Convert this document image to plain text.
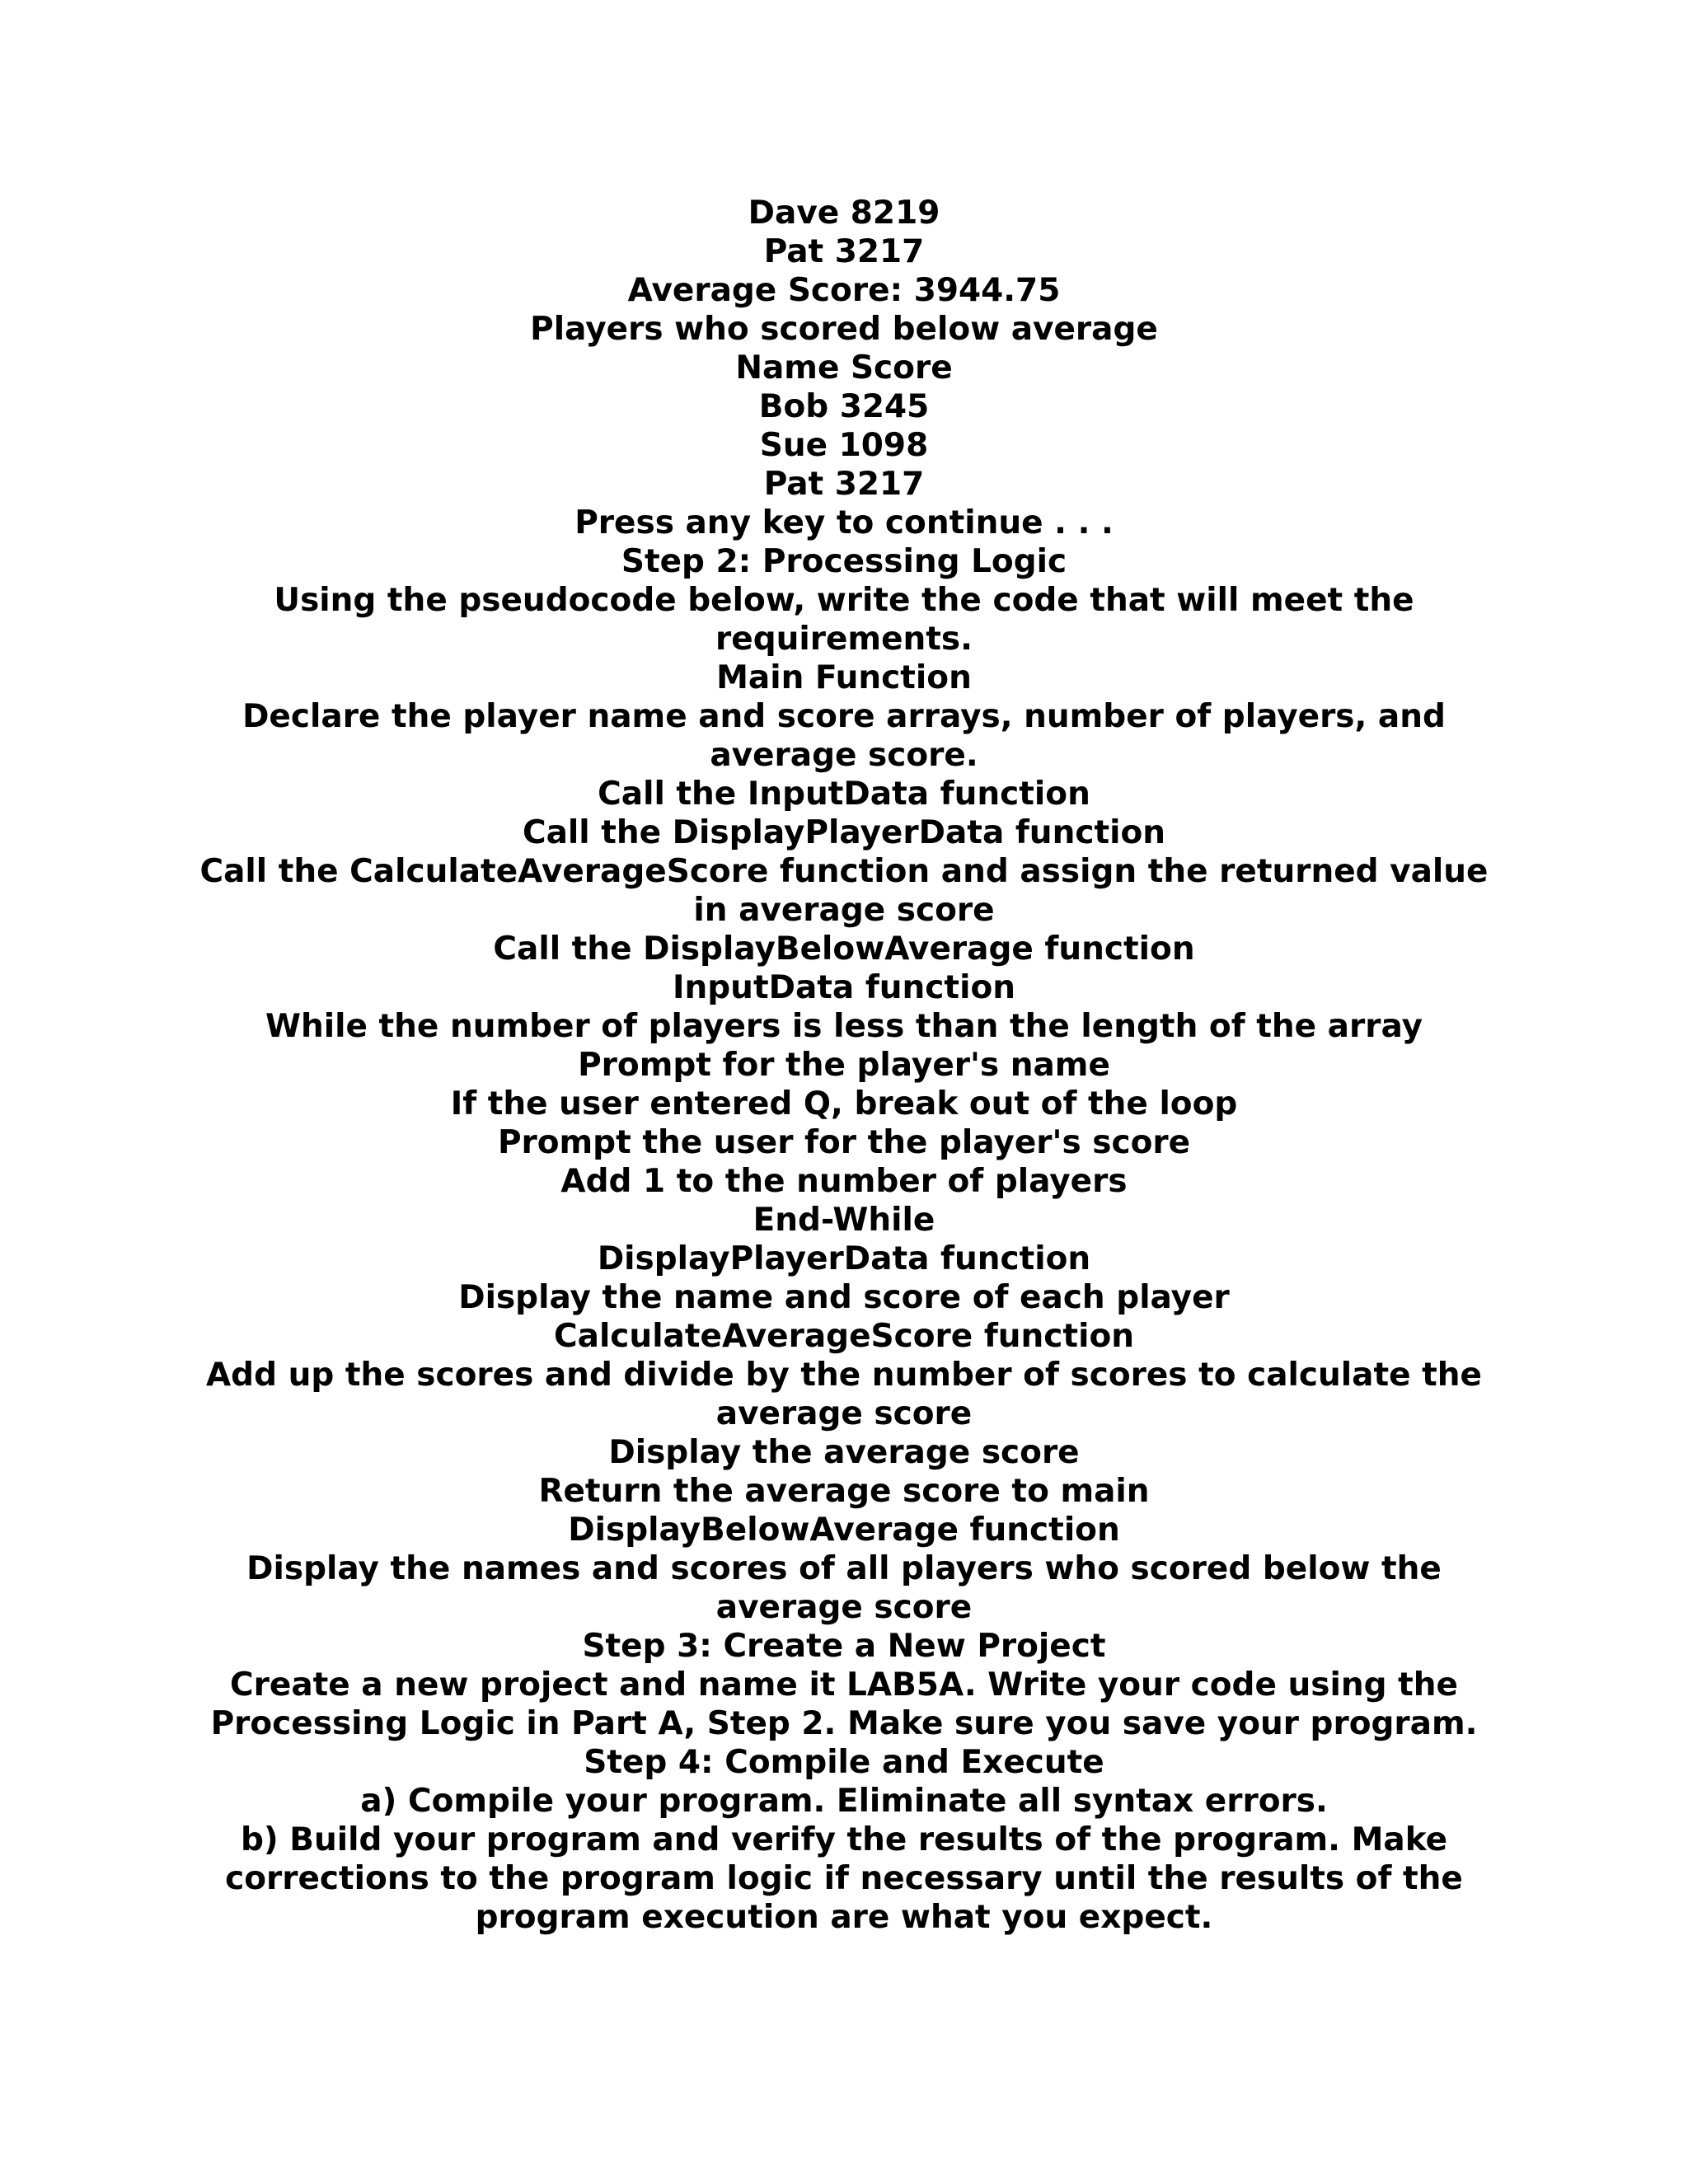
Dave 8219
Pat 3217
Average Score: 3944.75
Players who scored below average
Name Score
Bob 3245
Sue 1098
Pat 3217
Press any key to continue . . .
Step 2: Processing Logic
Using the pseudocode below, write the code that will meet the requirements.
Main Function
Declare the player name and score arrays, number of players, and average score.
Call the InputData function
Call the DisplayPlayerData function
Call the CalculateAverageScore function and assign the returned value in average score
Call the DisplayBelowAverage function
InputData function
While the number of players is less than the length of the array
Prompt for the player's name
If the user entered Q, break out of the loop
Prompt the user for the player's score
Add 1 to the number of players
End-While
DisplayPlayerData function
Display the name and score of each player
CalculateAverageScore function
Add up the scores and divide by the number of scores to calculate the average score
Display the average score
Return the average score to main
DisplayBelowAverage function
Display the names and scores of all players who scored below the average score
Step 3: Create a New Project
Create a new project and name it LAB5A. Write your code using the Processing Logic in Part A, Step 2. Make sure you save your program.
Step 4: Compile and Execute
a) Compile your program. Eliminate all syntax errors.
b) Build your program and verify the results of the program. Make corrections to the program logic if necessary until the results of the program execution are what you expect.
